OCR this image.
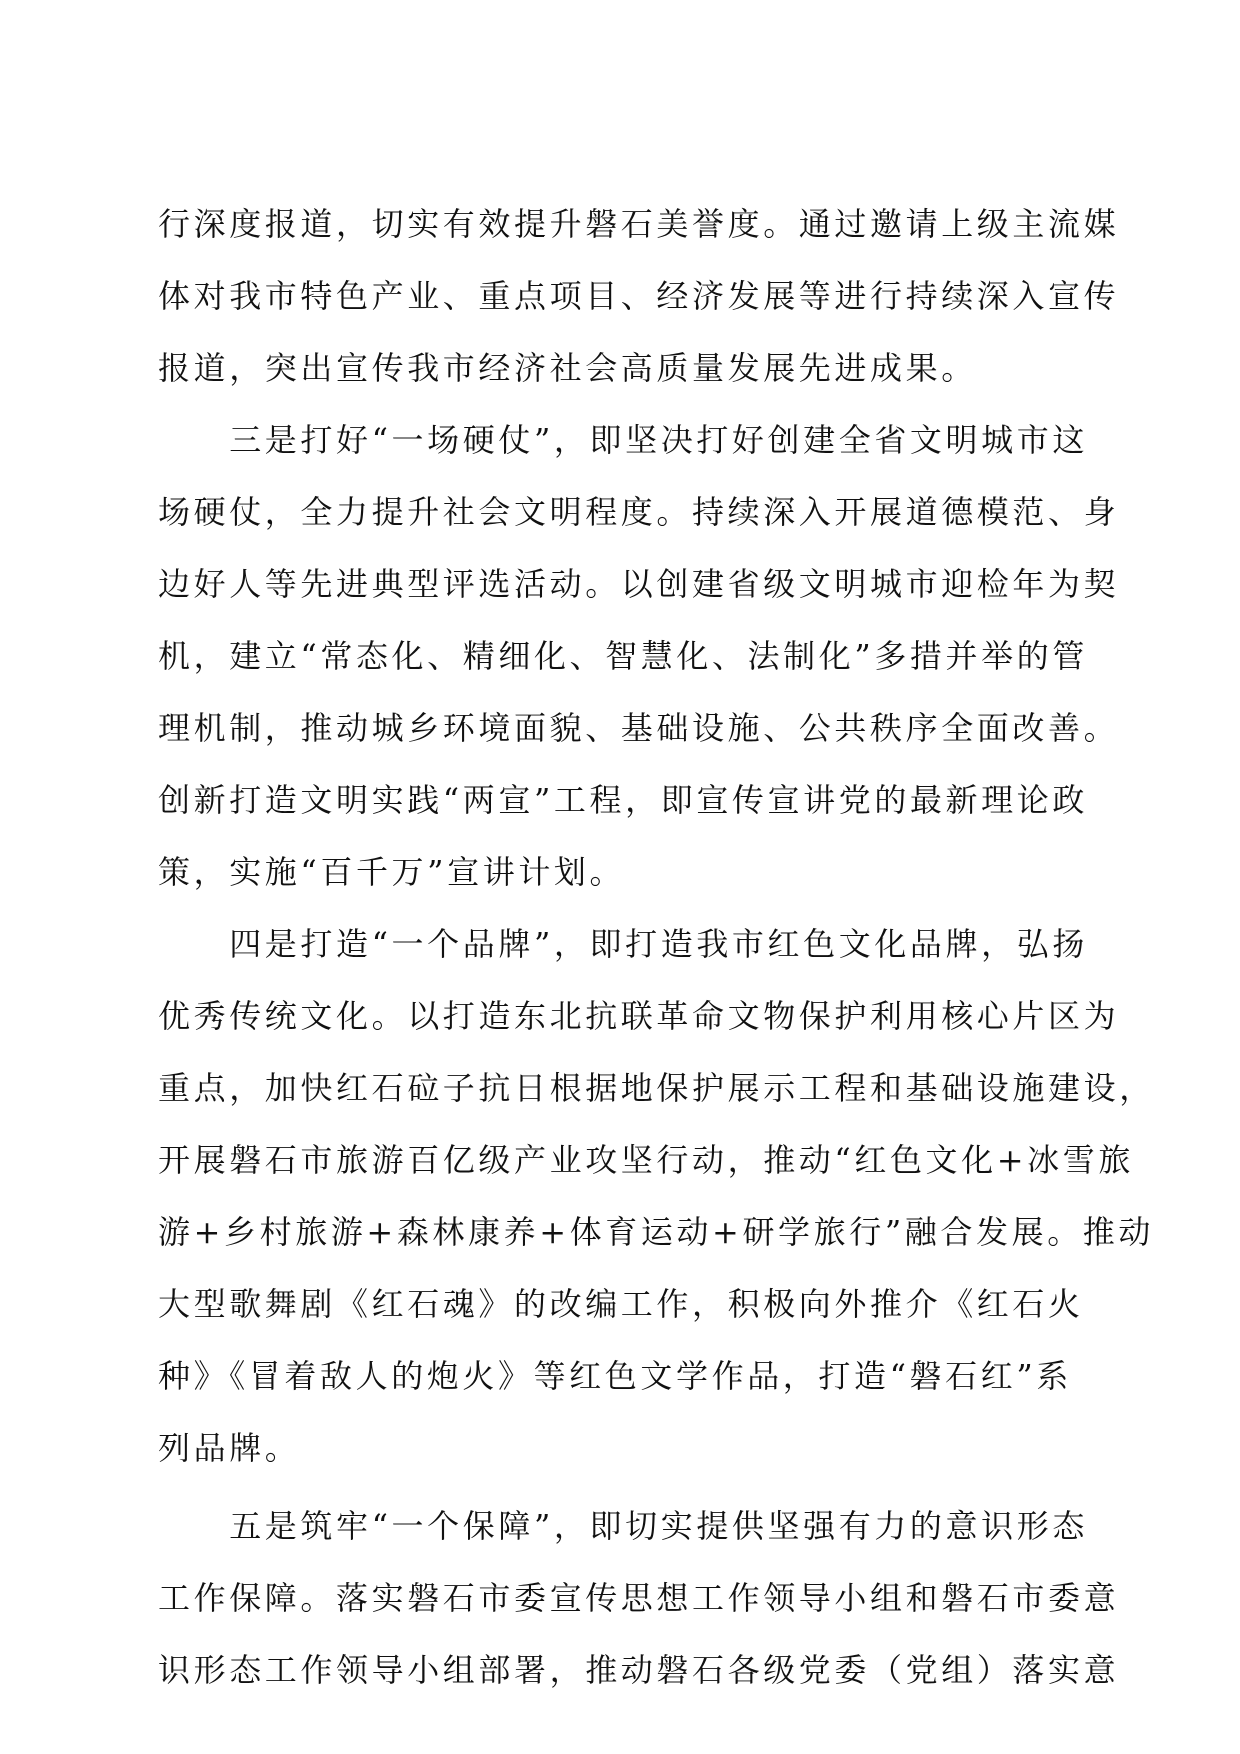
行深度报道，切实有效提升磐石美誉度。通过邀请上级主流媒
体对我市特色产业、重点项目、经济发展等进行持续深入宣传
报道，突出宣传我市经济社会高质量发展先进成果。
　　三是打好“一场硬仗”，即坚决打好创建全省文明城市这
场硬仗，全力提升社会文明程度。持续深入开展道德模范、身
边好人等先进典型评选活动。以创建省级文明城市迎检年为契
机，建立“常态化、精细化、智慧化、法制化”多措并举的管
理机制，推动城乡环境面貌、基础设施、公共秩序全面改善。
创新打造文明实践“两宣”工程，即宣传宣讲党的最新理论政
策，实施“百千万”宣讲计划。
　　四是打造“一个品牌”，即打造我市红色文化品牌，弘扬
优秀传统文化。以打造东北抗联革命文物保护利用核心片区为
重点，加快红石砬子抗日根据地保护展示工程和基础设施建设，
开展磐石市旅游百亿级产业攻坚行动，推动“红色文化+冰雪旅
游+乡村旅游+森林康养+体育运动+研学旅行”融合发展。推动
大型歌舞剧《红石魂》的改编工作，积极向外推介《红石火
种》《冒着敌人的炮火》等红色文学作品，打造“磐石红”系
列品牌。
　　五是筑牢“一个保障”，即切实提供坚强有力的意识形态
工作保障。落实磐石市委宣传思想工作领导小组和磐石市委意
识形态工作领导小组部署，推动磐石各级党委（党组）落实意
